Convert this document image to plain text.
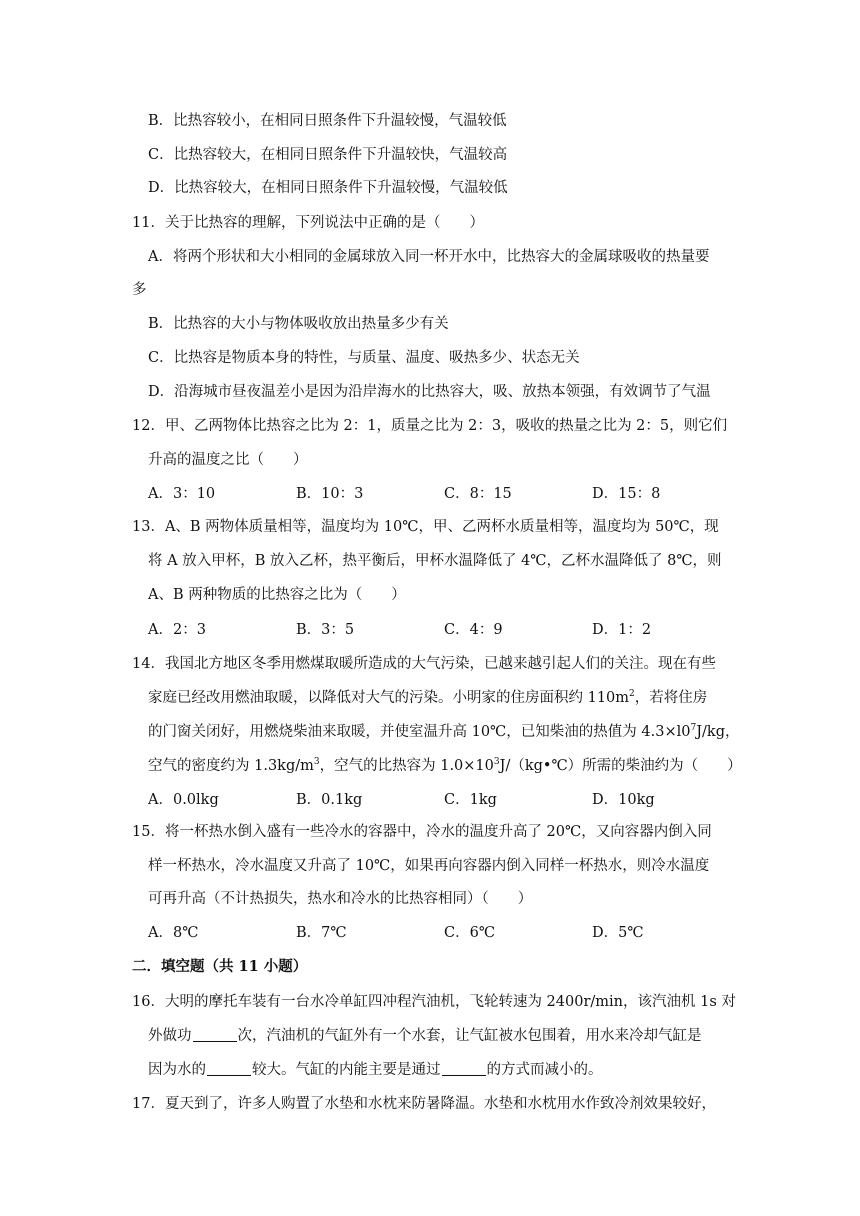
B．比热容较小，在相同日照条件下升温较慢，气温较低
C．比热容较大，在相同日照条件下升温较快，气温较高
D．比热容较大，在相同日照条件下升温较慢，气温较低
11．关于比热容的理解，下列说法中正确的是（　　）
A．将两个形状和大小相同的金属球放入同一杯开水中，比热容大的金属球吸收的热量要
多
B．比热容的大小与物体吸收放出热量多少有关
C．比热容是物质本身的特性，与质量、温度、吸热多少、状态无关
D．沿海城市昼夜温差小是因为沿岸海水的比热容大，吸、放热本领强，有效调节了气温
12．甲、乙两物体比热容之比为 2：1，质量之比为 2：3，吸收的热量之比为 2：5，则它们
升高的温度之比（　　）
A．3：10	B．10：3	C．8：15	D．15：8
13．A、B 两物体质量相等，温度均为 10℃，甲、乙两杯水质量相等，温度均为 50℃，现
将 A 放入甲杯，B 放入乙杯，热平衡后，甲杯水温降低了 4℃，乙杯水温降低了 8℃，则
A、B 两种物质的比热容之比为（　　）
A．2：3	B．3：5	C．4：9	D．1：2
14．我国北方地区冬季用燃煤取暖所造成的大气污染，已越来越引起人们的关注。现在有些
家庭已经改用燃油取暖，以降低对大气的污染。小明家的住房面积约 $110m^2$，若将住房
的门窗关闭好，用燃烧柴油来取暖，并使室温升高 10℃，已知柴油的热值为 $4.3\times l0^7J/kg$，
空气的密度约为 $1.3kg/m^3$，空气的比热容为 $1.0\times 10^3J/(kg•℃)$所需的柴油约为（　　）
A．0.0lkg	B．0.1kg	C．1kg	D．10kg
15．将一杯热水倒入盛有一些冷水的容器中，冷水的温度升高了 20℃，又向容器内倒入同
样一杯热水，冷水温度又升高了 10℃，如果再向容器内倒入同样一杯热水，则冷水温度
可再升高（不计热损失，热水和冷水的比热容相同）（　　）
A．8℃	B．7℃	C．6℃	D．5℃
二．填空题（共 11 小题）
16．大明的摩托车装有一台水冷单缸四冲程汽油机，飞轮转速为 2400r/min，该汽油机 1s 对
外做功	次，汽油机的气缸外有一个水套，让气缸被水包围着，用水来冷却气缸是
因为水的	较大。气缸的内能主要是通过	的方式而减小的。
17．夏天到了，许多人购置了水垫和水枕来防暑降温。水垫和水枕用水作致冷剂效果较好，
